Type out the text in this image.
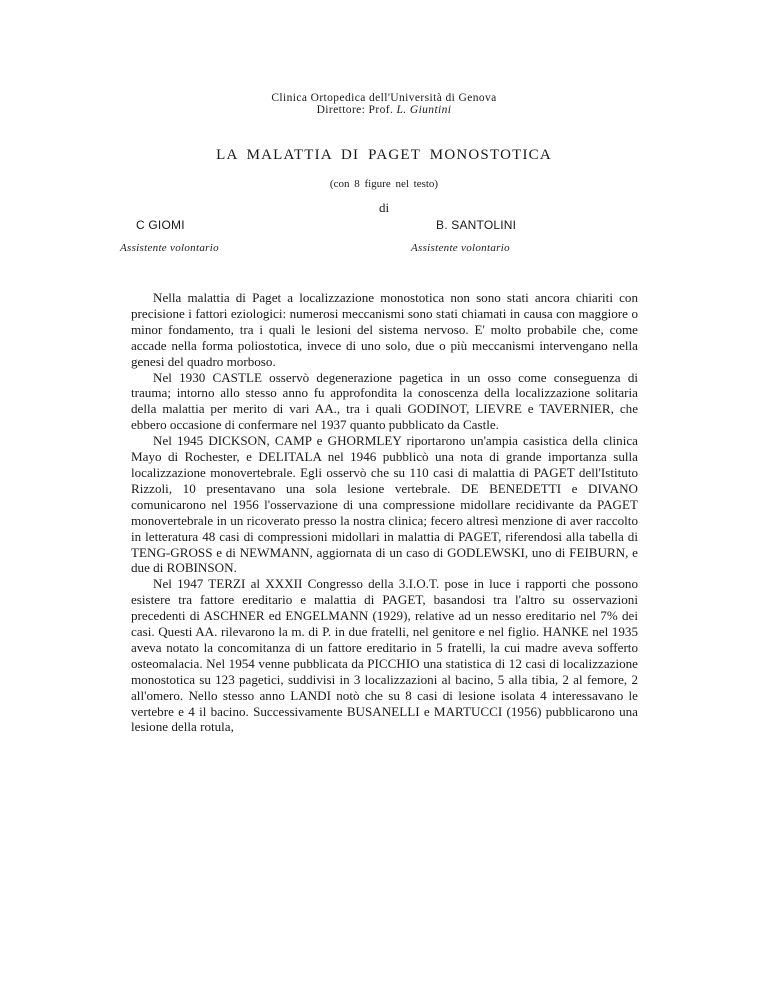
Clinica Ortopedica dell'Università di Genova
Direttore: Prof. L. Giuntini
LA MALATTIA DI PAGET MONOSTOTICA
(con 8 figure nel testo)
di
C GIOMI
Assistente volontario
B. SANTOLINI
Assistente volontario

Nella malattia di Paget a localizzazione monostotica non sono stati ancora chiariti con precisione i fattori eziologici: numerosi meccanismi sono stati chiamati in causa con maggiore o minor fondamento, tra i quali le lesioni del sistema nervoso. E' molto probabile che, come accade nella forma poliostotica, invece di uno solo, due o più meccanismi intervengano nella genesi del quadro morboso.

Nel 1930 CASTLE osservò degenerazione pagetica in un osso come conseguenza di trauma; intorno allo stesso anno fu approfondita la conoscenza della localizzazione solitaria della malattia per merito di vari AA., tra i quali GODINOT, LIEVRE e TAVERNIER, che ebbero occasione di confermare nel 1937 quanto pubblicato da Castle.

Nel 1945 DICKSON, CAMP e GHORMLEY riportarono un'ampia casistica della clinica Mayo di Rochester, e DELITALA nel 1946 pubblicò una nota di grande importanza sulla localizzazione monovertebrale. Egli osservò che su 110 casi di malattia di PAGET dell'Istituto Rizzoli, 10 presentavano una sola lesione vertebrale. DE BENEDETTI e DIVANO comunicarono nel 1956 l'osservazione di una compressione midollare recidivante da PAGET monovertebrale in un ricoverato presso la nostra clinica; fecero altresì menzione di aver raccolto in letteratura 48 casi di compressioni midollari in malattia di PAGET, riferendosi alla tabella di TENG-GROSS e di NEWMANN, aggiornata di un caso di GODLEWSKI, uno di FEIBURN, e due di ROBINSON.

Nel 1947 TERZI al XXXII Congresso della 3.I.O.T. pose in luce i rapporti che possono esistere tra fattore ereditario e malattia di PAGET, basandosi tra l'altro su osservazioni precedenti di ASCHNER ed ENGELMANN (1929), relative ad un nesso ereditario nel 7% dei casi. Questi AA. rilevarono la m. di P. in due fratelli, nel genitore e nel figlio. HANKE nel 1935 aveva notato la concomitanza di un fattore ereditario in 5 fratelli, la cui madre aveva sofferto osteomalacia. Nel 1954 venne pubblicata da PICCHIO una statistica di 12 casi di localizzazione monostotica su 123 pagetici, suddivisi in 3 localizzazioni al bacino, 5 alla tibia, 2 al femore, 2 all'omero. Nello stesso anno LANDI notò che su 8 casi di lesione isolata 4 interessavano le vertebre e 4 il bacino. Successivamente BUSANELLI e MARTUCCI (1956) pubblicarono una lesione della rotula,
